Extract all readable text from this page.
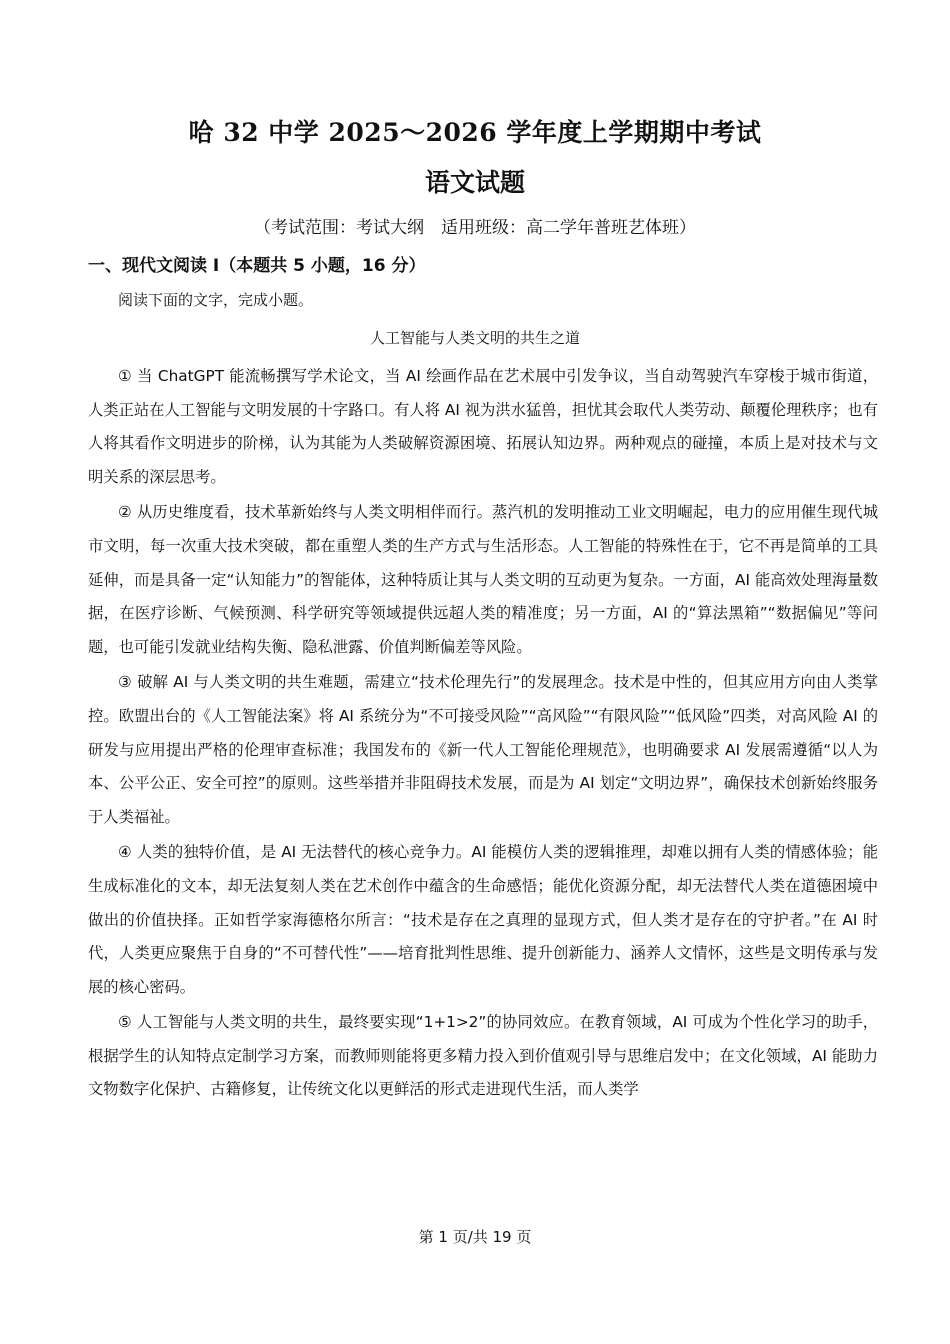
哈 32 中学 2025～2026 学年度上学期期中考试
语文试题
（考试范围：考试大纲　适用班级：高二学年普班艺体班）
一、现代文阅读 Ⅰ（本题共 5 小题，16 分）
阅读下面的文字，完成小题。
人工智能与人类文明的共生之道

① 当 ChatGPT 能流畅撰写学术论文，当 AI 绘画作品在艺术展中引发争议，当自动驾驶汽车穿梭于城市街道，人类正站在人工智能与文明发展的十字路口。有人将 AI 视为洪水猛兽，担忧其会取代人类劳动、颠覆伦理秩序；也有人将其看作文明进步的阶梯，认为其能为人类破解资源困境、拓展认知边界。两种观点的碰撞，本质上是对技术与文明关系的深层思考。

② 从历史维度看，技术革新始终与人类文明相伴而行。蒸汽机的发明推动工业文明崛起，电力的应用催生现代城市文明，每一次重大技术突破，都在重塑人类的生产方式与生活形态。人工智能的特殊性在于，它不再是简单的工具延伸，而是具备一定“认知能力”的智能体，这种特质让其与人类文明的互动更为复杂。一方面，AI 能高效处理海量数据，在医疗诊断、气候预测、科学研究等领域提供远超人类的精准度；另一方面，AI 的“算法黑箱”“数据偏见”等问题，也可能引发就业结构失衡、隐私泄露、价值判断偏差等风险。

③ 破解 AI 与人类文明的共生难题，需建立“技术伦理先行”的发展理念。技术是中性的，但其应用方向由人类掌控。欧盟出台的《人工智能法案》将 AI 系统分为“不可接受风险”“高风险”“有限风险”“低风险”四类，对高风险 AI 的研发与应用提出严格的伦理审查标准；我国发布的《新一代人工智能伦理规范》，也明确要求 AI 发展需遵循“以人为本、公平公正、安全可控”的原则。这些举措并非阻碍技术发展，而是为 AI 划定“文明边界”，确保技术创新始终服务于人类福祉。

④ 人类的独特价值，是 AI 无法替代的核心竞争力。AI 能模仿人类的逻辑推理，却难以拥有人类的情感体验；能生成标准化的文本，却无法复刻人类在艺术创作中蕴含的生命感悟；能优化资源分配，却无法替代人类在道德困境中做出的价值抉择。正如哲学家海德格尔所言：“技术是存在之真理的显现方式，但人类才是存在的守护者。”在 AI 时代，人类更应聚焦于自身的“不可替代性”——培育批判性思维、提升创新能力、涵养人文情怀，这些是文明传承与发展的核心密码。

⑤ 人工智能与人类文明的共生，最终要实现“1+1>2”的协同效应。在教育领域，AI 可成为个性化学习的助手，根据学生的认知特点定制学习方案，而教师则能将更多精力投入到价值观引导与思维启发中；在文化领域，AI 能助力文物数字化保护、古籍修复，让传统文化以更鲜活的形式走进现代生活，而人类学

第 1 页/共 19 页
